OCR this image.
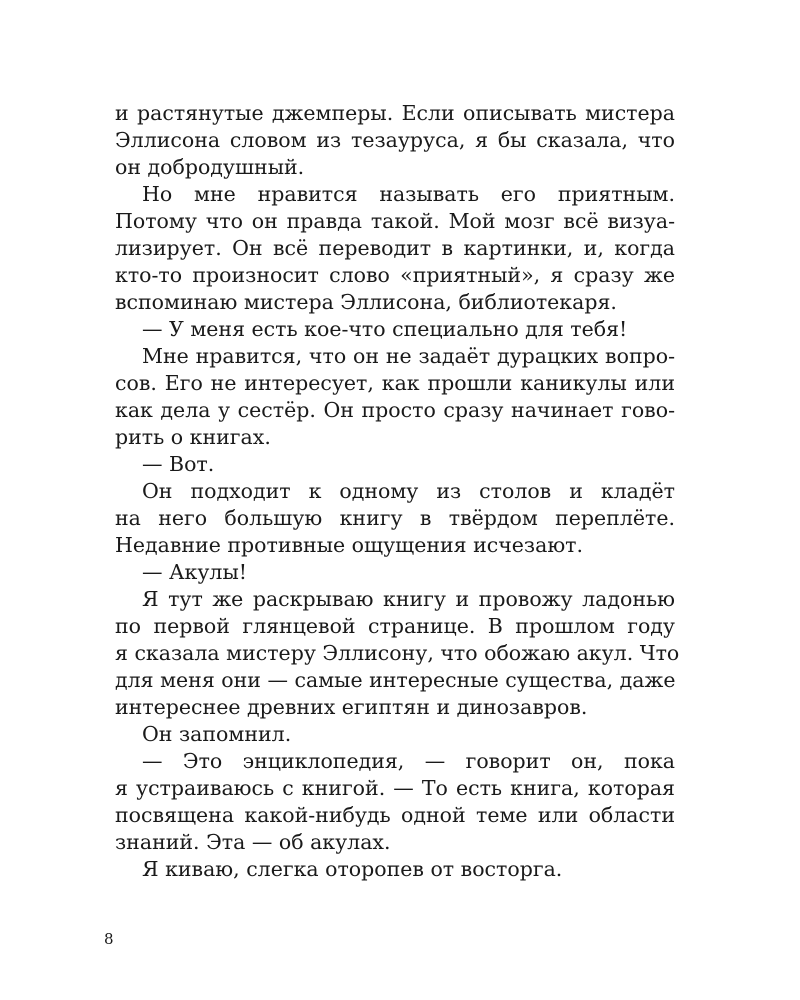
и растянутые джемперы. Если описывать мистера
Эллисона словом из тезауруса, я бы сказала, что
он добродушный.
Но мне нравится называть его приятным.
Потому что он правда такой. Мой мозг всё визуа-
лизирует. Он всё переводит в картинки, и, когда
кто-то произносит слово «приятный», я сразу же
вспоминаю мистера Эллисона, библиотекаря.
— У меня есть кое-что специально для тебя!
Мне нравится, что он не задаёт дурацких вопро-
сов. Его не интересует, как прошли каникулы или
как дела у сестёр. Он просто сразу начинает гово-
рить о книгах.
— Вот.
Он подходит к одному из столов и кладёт
на него большую книгу в твёрдом переплёте.
Недавние противные ощущения исчезают.
— Акулы!
Я тут же раскрываю книгу и провожу ладонью
по первой глянцевой странице. В прошлом году
я сказала мистеру Эллисону, что обожаю акул. Что
для меня они — самые интересные существа, даже
интереснее древних египтян и динозавров.
Он запомнил.
— Это энциклопедия, — говорит он, пока
я устраиваюсь с книгой. — То есть книга, которая
посвящена какой-нибудь одной теме или области
знаний. Эта — об акулах.
Я киваю, слегка оторопев от восторга.
8
